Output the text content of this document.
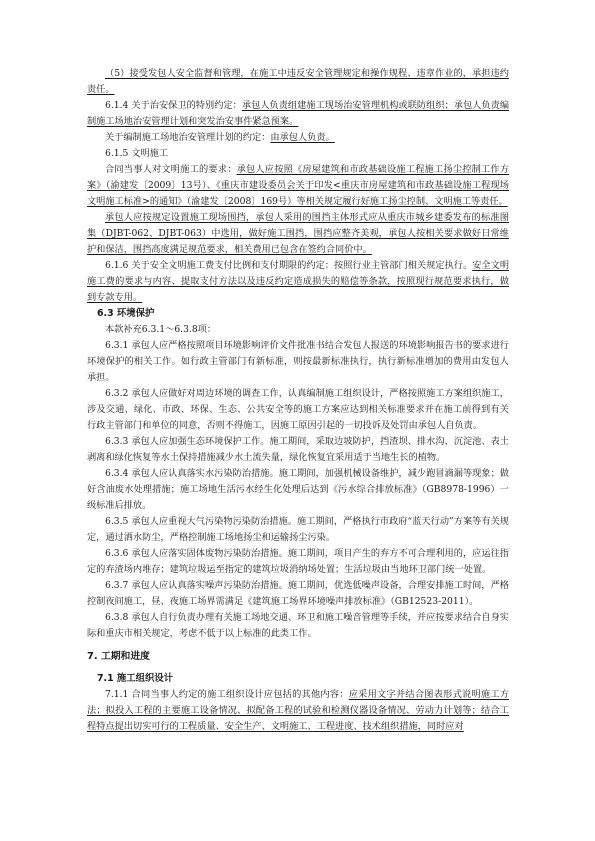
（5）接受发包人安全监督和管理，在施工中违反安全管理规定和操作规程、违章作业的，承担违约责任。

6.1.4 关于治安保卫的特别约定：承包人负责组建施工现场治安管理机构或联防组织；承包人负责编制施工场地治安管理计划和突发治安事件紧急预案。

关于编制施工场地治安管理计划的约定：由承包人负责。

6.1.5 文明施工

合同当事人对文明施工的要求：承包人应按照《房屋建筑和市政基础设施工程施工扬尘控制工作方案》（渝建发〔2009〕13号）、《重庆市建设委员会关于印发<重庆市房屋建筑和市政基础设施工程现场文明施工标准>的通知》（渝建发〔2008〕169号）等相关规定履行好施工扬尘控制、文明施工等责任。

承包人应按规定设置施工现场围挡，承包人采用的围挡主体形式应从重庆市城乡建委发布的标准图集（DJBT-062、DJBT-063）中选用，做好施工围挡，围挡应整齐美观，承包人按相关要求做好日常维护和保洁，围挡高度满足规范要求，相关费用已包含在签约合同价中。

6.1.6 关于安全文明施工费支付比例和支付期限的约定：按照行业主管部门相关规定执行。安全文明施工费的要求与内容、提取支付方法以及违反约定造成损失的赔偿等条款，按照现行规范要求执行，做到专款专用。

6.3 环境保护

本款补充6.3.1～6.3.8项：

6.3.1 承包人应严格按照项目环境影响评价文件批准书结合发包人报送的环境影响报告书的要求进行环境保护的相关工作。如行政主管部门有新标准，则按最新标准执行，执行新标准增加的费用由发包人承担。

6.3.2 承包人应做好对周边环境的调查工作，认真编制施工组织设计，严格按照施工方案组织施工，涉及交通、绿化、市政、环保、生态、公共安全等的施工方案应达到相关标准要求并在施工前得到有关行政主管部门和单位的同意，否则不得施工，因施工原因引起的一切投诉及处罚由承包人自负责。

6.3.3 承包人应加强生态环境保护工作。施工期间，采取边坡防护，挡渣坝、排水沟、沉淀池、表土剥离和绿化恢复等水土保持措施减少水土流失量，绿化恢复宜采用适于当地生长的植物。

6.3.4 承包人应认真落实水污染防治措施。施工期间，加强机械设备维护，减少跑冒滴漏等现象；做好含油废水处理措施；施工场地生活污水经生化处理后达到《污水综合排放标准》（GB8978-1996）一级标准后排放。

6.3.5 承包人应重视大气污染物污染防治措施。施工期间，严格执行市政府“蓝天行动”方案等有关规定，通过洒水防尘，严格控制施工场地扬尘和运输扬尘污染。

6.3.6 承包人应落实固体废物污染防治措施。施工期间，项目产生的弃方不可合理利用的，应运往指定的弃渣场内堆存；建筑垃圾运至指定的建筑垃圾消纳场处置；生活垃圾由当地环卫部门统一处置。

6.3.7 承包人应认真落实噪声污染防治措施。施工期间，优选低噪声设备，合理安排施工时间，严格控制夜间施工，昼、夜施工场界需满足《建筑施工场界环境噪声排放标准》（GB12523-2011）。

6.3.8 承包人自行负责办理有关施工场地交通、环卫和施工噪音管理等手续，并应按要求结合自身实际和重庆市相关规定，考虑不低于以上标准的此类工作。

7. 工期和进度
7.1 施工组织设计

7.1.1 合同当事人约定的施工组织设计应包括的其他内容：应采用文字并结合图表形式说明施工方法；拟投入工程的主要施工设备情况、拟配备工程的试验和检测仪器设备情况、劳动力计划等；结合工程特点提出切实可行的工程质量、安全生产、文明施工、工程进度、技术组织措施，同时应对
